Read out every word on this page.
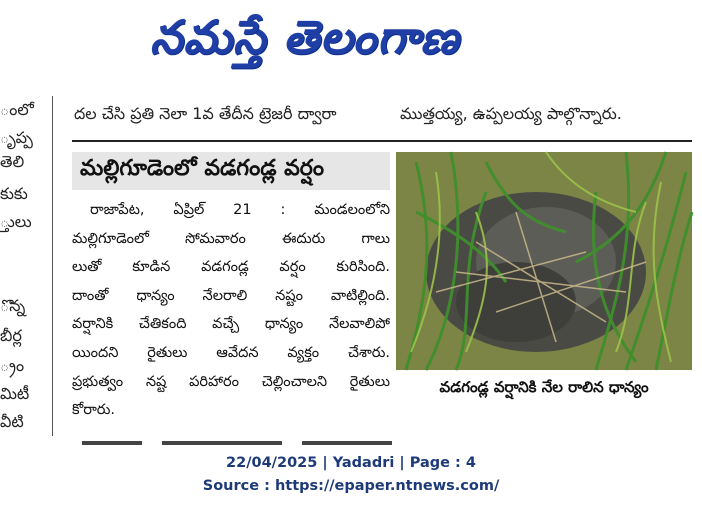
నమస్తే తెలంగాణ
ంలో
ృప్ప
తెలి
కుకు
్తులు
ొన్న
బీర్ల
్రం
మిటీ
వీటి
దల చేసి ప్రతి నెలా 1వ తేదీన ట్రెజరీ ద్వారా	ముత్తయ్య, ఉప్పలయ్య పాల్గొన్నారు.
మల్లిగూడెంలో వడగండ్ల వర్షం

రాజాపేట, ఏప్రిల్ 21 : మండలంలోని

మల్లిగూడెంలో సోమవారం ఈదురు గాలు

లుతో కూడిన వడగండ్ల వర్షం కురిసింది.

దాంతో ధాన్యం నేలరాలి నష్టం వాటిల్లింది.

వర్షానికి చేతికంది వచ్చే ధాన్యం నేలవాలిపో

యిందని రైతులు ఆవేదన వ్యక్తం చేశారు.

ప్రభుత్వం నష్ట పరిహారం చెల్లించాలని రైతులు

కోరారు.

వడగండ్ల వర్షానికి నేల రాలిన ధాన్యం
22/04/2025 | Yadadri | Page : 4
Source : https://epaper.ntnews.com/
